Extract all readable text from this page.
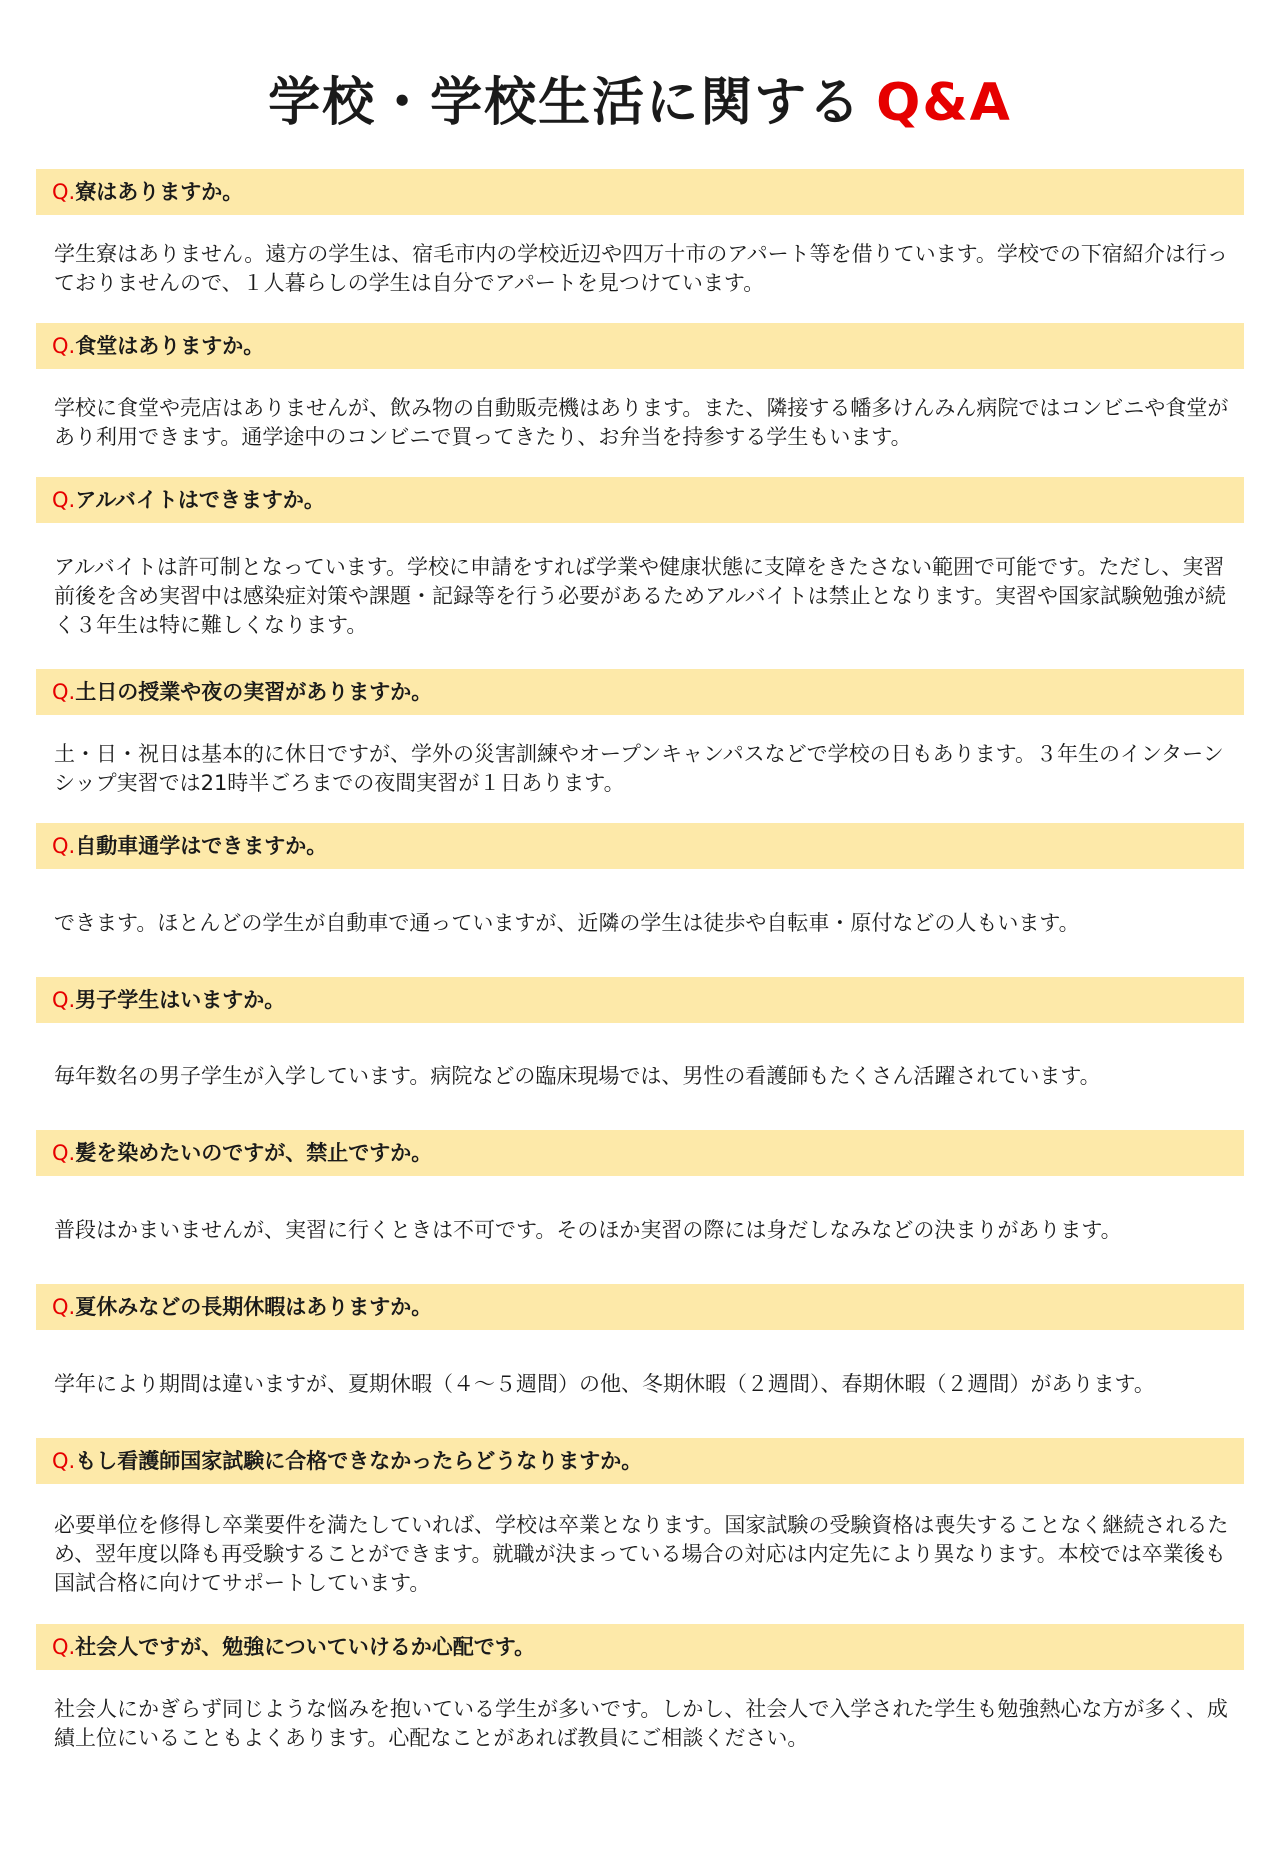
学校・学校生活に関する Q&A
Q.寮はありますか。
学生寮はありません。遠方の学生は、宿毛市内の学校近辺や四万十市のアパート等を借りています。学校での下宿紹介は行っておりませんので、１人暮らしの学生は自分でアパートを見つけています。
Q.食堂はありますか。
学校に食堂や売店はありませんが、飲み物の自動販売機はあります。また、隣接する幡多けんみん病院ではコンビニや食堂があり利用できます。通学途中のコンビニで買ってきたり、お弁当を持参する学生もいます。
Q.アルバイトはできますか。
アルバイトは許可制となっています。学校に申請をすれば学業や健康状態に支障をきたさない範囲で可能です。ただし、実習前後を含め実習中は感染症対策や課題・記録等を行う必要があるためアルバイトは禁止となります。実習や国家試験勉強が続く３年生は特に難しくなります。
Q.土日の授業や夜の実習がありますか。
土・日・祝日は基本的に休日ですが、学外の災害訓練やオープンキャンパスなどで学校の日もあります。３年生のインターンシップ実習では21時半ごろまでの夜間実習が１日あります。
Q.自動車通学はできますか。
できます。ほとんどの学生が自動車で通っていますが、近隣の学生は徒歩や自転車・原付などの人もいます。
Q.男子学生はいますか。
毎年数名の男子学生が入学しています。病院などの臨床現場では、男性の看護師もたくさん活躍されています。
Q.髪を染めたいのですが、禁止ですか。
普段はかまいませんが、実習に行くときは不可です。そのほか実習の際には身だしなみなどの決まりがあります。
Q.夏休みなどの長期休暇はありますか。
学年により期間は違いますが、夏期休暇（４～５週間）の他、冬期休暇（２週間）、春期休暇（２週間）があります。
Q.もし看護師国家試験に合格できなかったらどうなりますか。
必要単位を修得し卒業要件を満たしていれば、学校は卒業となります。国家試験の受験資格は喪失することなく継続されるため、翌年度以降も再受験することができます。就職が決まっている場合の対応は内定先により異なります。本校では卒業後も国試合格に向けてサポートしています。
Q.社会人ですが、勉強についていけるか心配です。
社会人にかぎらず同じような悩みを抱いている学生が多いです。しかし、社会人で入学された学生も勉強熱心な方が多く、成績上位にいることもよくあります。心配なことがあれば教員にご相談ください。
